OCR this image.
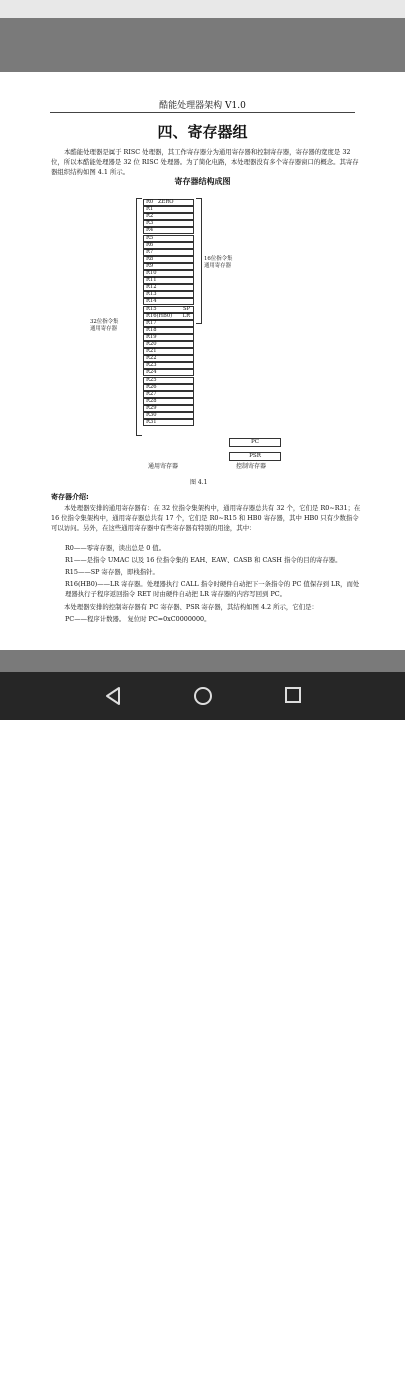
酷能处理器架构 V1.0
四、寄存器组
本酷能处理器是属于 RISC 处理器，其工作寄存器分为通用寄存器和控制寄存器，寄存器的宽度是 32 位，所以本酷能处理器是 32 位 RISC 处理器。为了简化电路，本处理器没有多个寄存器窗口的概念。其寄存器组织结构如图 4.1 所示。
寄存器结构成图
R0 ZERO
R1
R2
R3
R4
R5
R6
R7
R8
R9
R10
R11
R12
R13
R14
R15	SP
R16(HB0) LR
R17
R18
R19
R20
R21
R22
R23
R24
R25
R26
R27
R28
R29
R30
R31
16位指令集
通用寄存器
32位指令集
通用寄存器
PC
PSR
通用寄存器	控制寄存器
图 4.1
寄存器介绍:
本处理器安排的通用寄存器有：在 32 位指令集架构中，通用寄存器总共有 32 个，它们是 R0~R31；在 16 位指令集架构中，通用寄存器总共有 17 个，它们是 R0~R15 和 HB0 寄存器，其中 HB0 只有少数指令可以访问。另外，在这些通用寄存器中有些寄存器有特别的用途，其中：
R0——零寄存器，读出总是 0 值。
R1——是指令 UMAC 以及 16 位指令集的 EAH、EAW、CASB 和 CASH 指令的目的寄存器。
R15——SP 寄存器，即栈指针。
R16(HB0)——LR 寄存器。处理器执行 CALL 指令时硬件自动把下一条指令的 PC 值保存到 LR，而处理器执行子程序返回指令 RET 时由硬件自动把 LR 寄存器的内容写回到 PC。
本处理器安排的控制寄存器有 PC 寄存器、PSR 寄存器，其结构如图 4.2 所示，它们是：
PC——程序计数器。 复位时 PC=0xC0000000。
21ic 中国电子网
